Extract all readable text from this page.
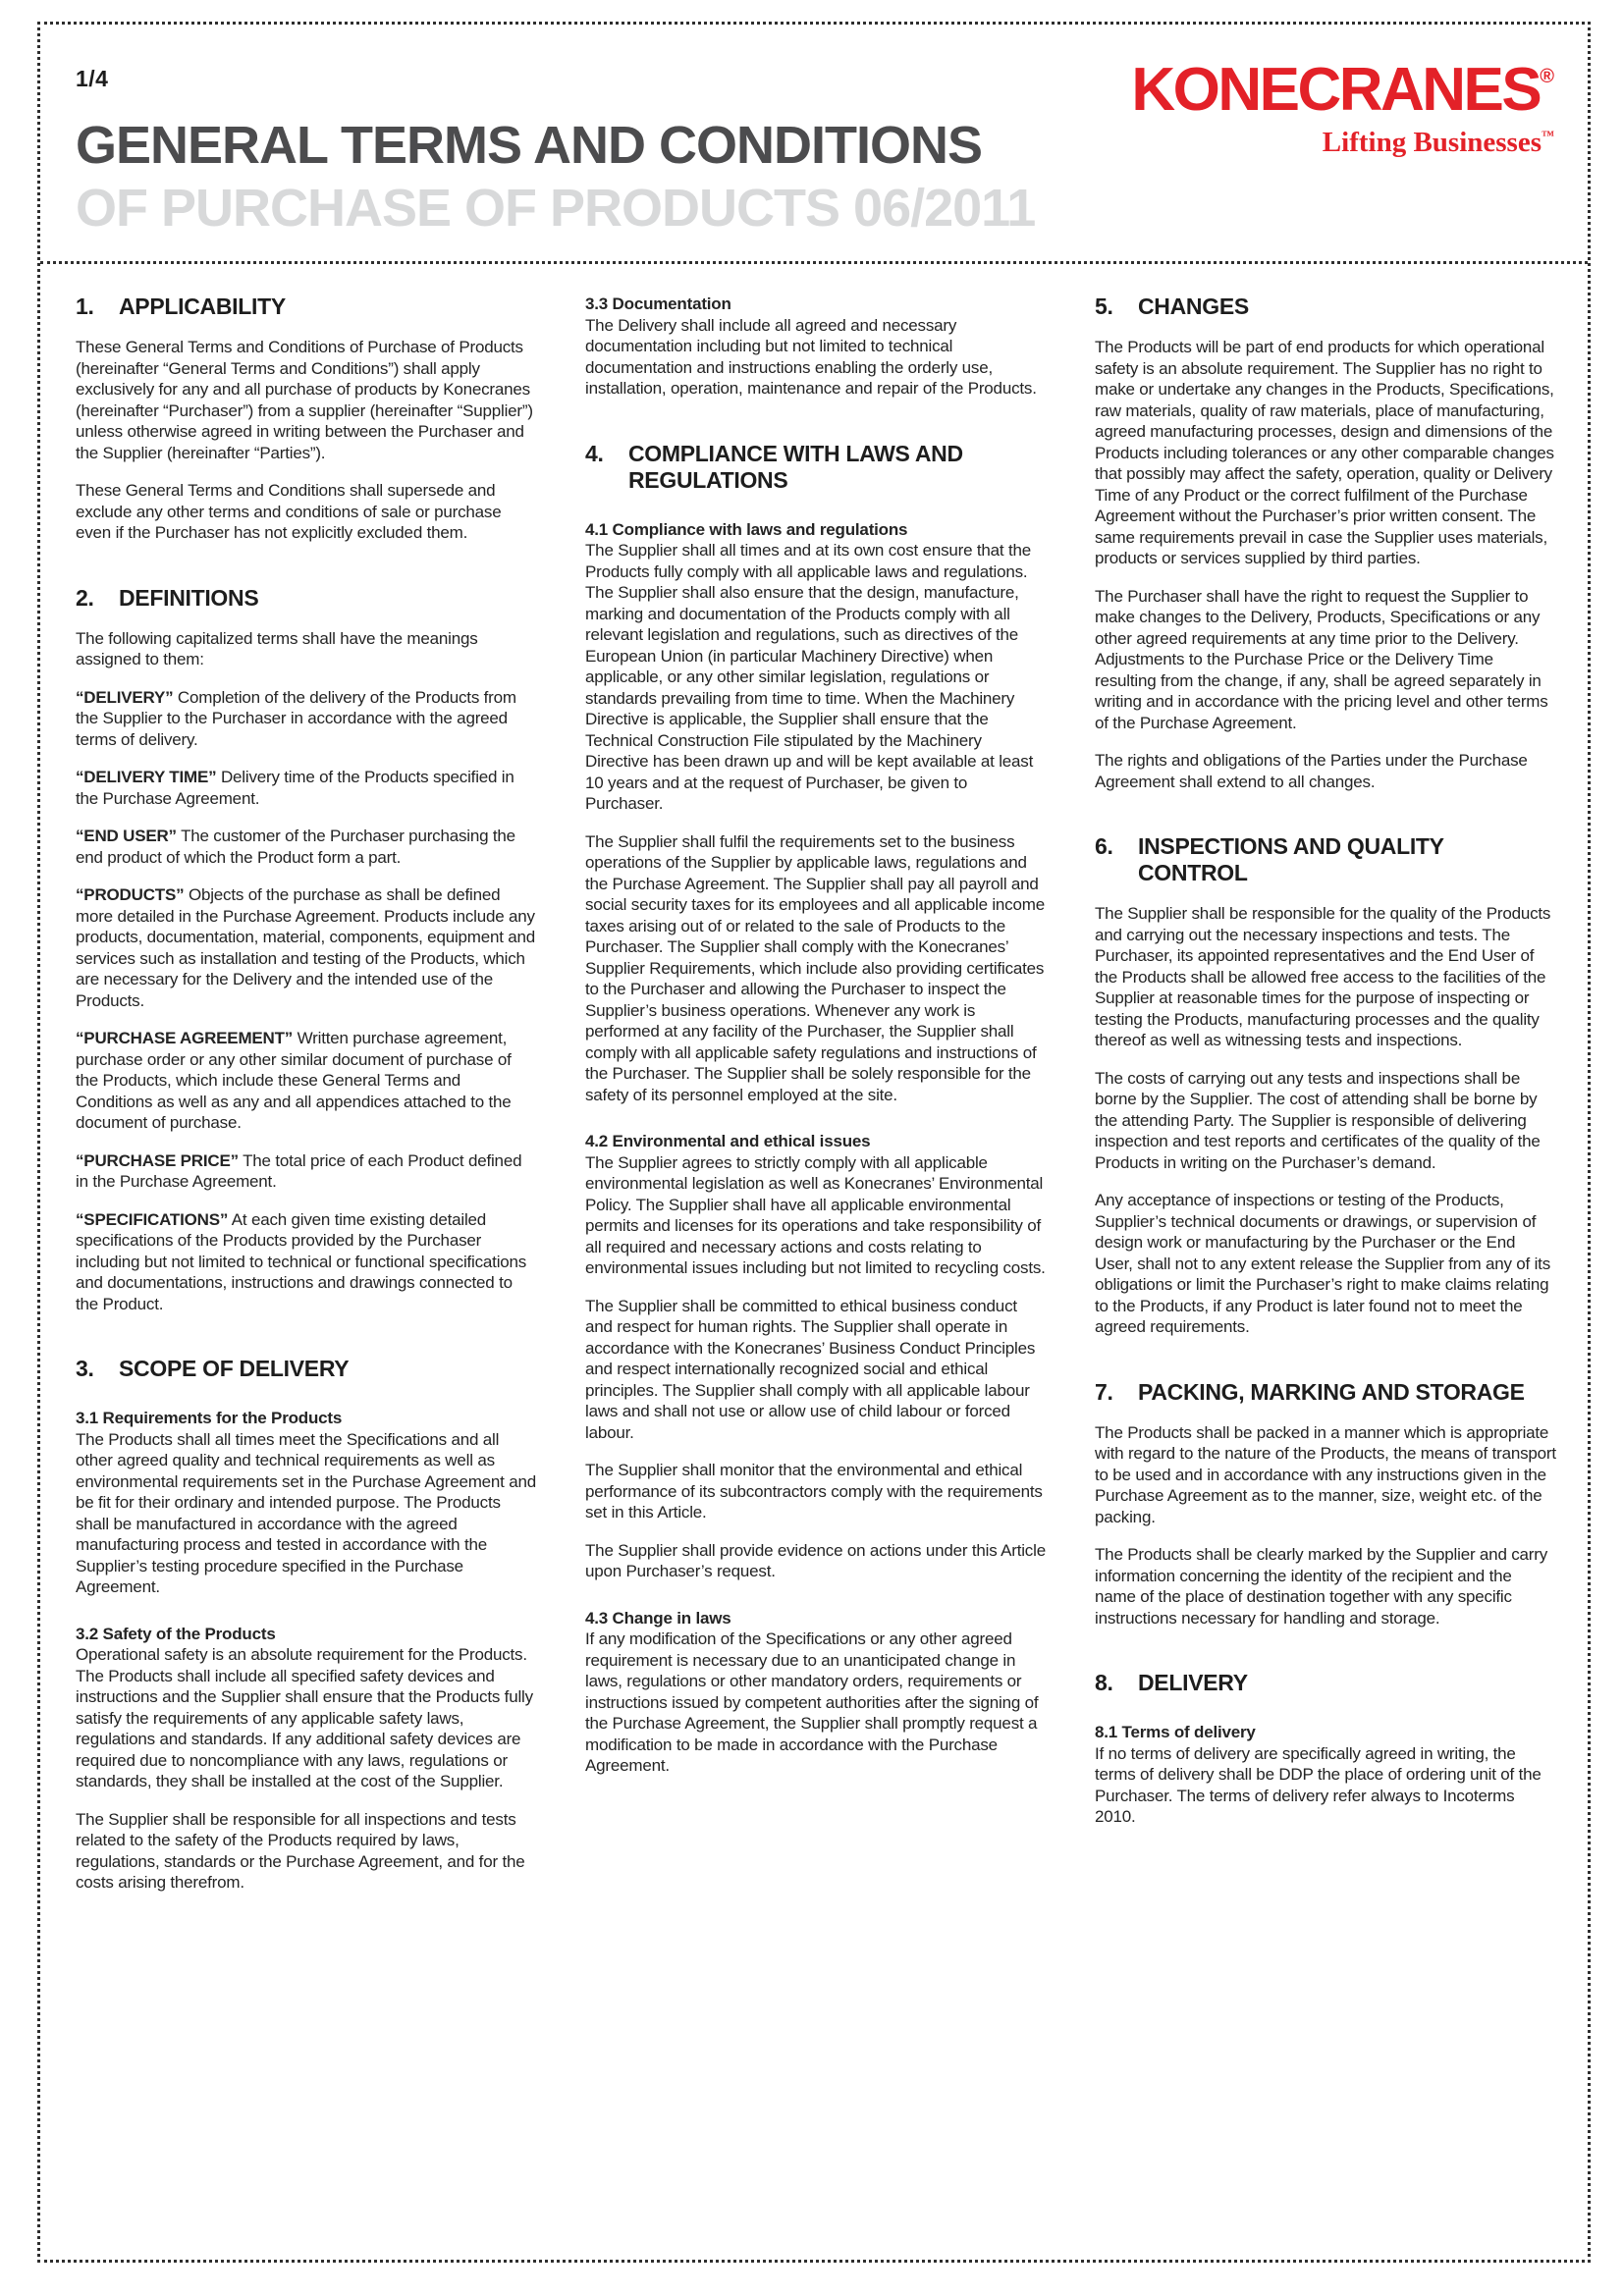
1/4	KONECRANES®
Lifting Businesses™
GENERAL TERMS AND CONDITIONS
OF PURCHASE OF PRODUCTS 06/2011
1.	APPLICABILITY

These General Terms and Conditions of Purchase of Products (hereinafter “General Terms and Conditions”) shall apply exclusively for any and all purchase of products by Konecranes (hereinafter “Purchaser”) from a supplier (hereinafter “Supplier”) unless otherwise agreed in writing between the Purchaser and the Supplier (hereinafter “Parties”).

These General Terms and Conditions shall supersede and exclude any other terms and conditions of sale or purchase even if the Purchaser has not explicitly excluded them.

2.	DEFINITIONS

The following capitalized terms shall have the meanings assigned to them:

“DELIVERY” Completion of the delivery of the Products from the Supplier to the Purchaser in accordance with the agreed terms of delivery.

“DELIVERY TIME” Delivery time of the Products specified in the Purchase Agreement.

“END USER” The customer of the Purchaser purchasing the end product of which the Product form a part.

“PRODUCTS” Objects of the purchase as shall be defined more detailed in the Purchase Agreement. Products include any products, documentation, material, components, equipment and services such as installation and testing of the Products, which are necessary for the Delivery and the intended use of the Products.

“PURCHASE AGREEMENT” Written purchase agreement, purchase order or any other similar document of purchase of the Products, which include these General Terms and Conditions as well as any and all appendices attached to the document of purchase.

“PURCHASE PRICE” The total price of each Product defined in the Purchase Agreement.

“SPECIFICATIONS” At each given time existing detailed specifications of the Products provided by the Purchaser including but not limited to technical or functional specifications and documentations, instructions and drawings connected to the Product.

3.	SCOPE OF DELIVERY
3.1 Requirements for the Products

The Products shall all times meet the Specifications and all other agreed quality and technical requirements as well as environmental requirements set in the Purchase Agreement and be fit for their ordinary and intended purpose. The Products shall be manufactured in accordance with the agreed manufacturing process and tested in accordance with the Supplier’s testing procedure specified in the Purchase Agreement.

3.2 Safety of the Products

Operational safety is an absolute requirement for the Products. The Products shall include all specified safety devices and instructions and the Supplier shall ensure that the Products fully satisfy the requirements of any applicable safety laws, regulations and standards. If any additional safety devices are required due to noncompliance with any laws, regulations or standards, they shall be installed at the cost of the Supplier.

The Supplier shall be responsible for all inspections and tests related to the safety of the Products required by laws, regulations, standards or the Purchase Agreement, and for the costs arising therefrom.

3.3 Documentation

The Delivery shall include all agreed and necessary documentation including but not limited to technical documentation and instructions enabling the orderly use, installation, operation, maintenance and repair of the Products.

4.	COMPLIANCE WITH LAWS AND REGULATIONS
4.1 Compliance with laws and regulations

The Supplier shall all times and at its own cost ensure that the Products fully comply with all applicable laws and regulations. The Supplier shall also ensure that the design, manufacture, marking and documentation of the Products comply with all relevant legislation and regulations, such as directives of the European Union (in particular Machinery Directive) when applicable, or any other similar legislation, regulations or standards prevailing from time to time. When the Machinery Directive is applicable, the Supplier shall ensure that the Technical Construction File stipulated by the Machinery Directive has been drawn up and will be kept available at least 10 years and at the request of Purchaser, be given to Purchaser.

The Supplier shall fulfil the requirements set to the business operations of the Supplier by applicable laws, regulations and the Purchase Agreement. The Supplier shall pay all payroll and social security taxes for its employees and all applicable income taxes arising out of or related to the sale of Products to the Purchaser. The Supplier shall comply with the Konecranes’ Supplier Requirements, which include also providing certificates to the Purchaser and allowing the Purchaser to inspect the Supplier’s business operations. Whenever any work is performed at any facility of the Purchaser, the Supplier shall comply with all applicable safety regulations and instructions of the Purchaser. The Supplier shall be solely responsible for the safety of its personnel employed at the site.

4.2 Environmental and ethical issues

The Supplier agrees to strictly comply with all applicable environmental legislation as well as Konecranes’ Environmental Policy. The Supplier shall have all applicable environmental permits and licenses for its operations and take responsibility of all required and necessary actions and costs relating to environmental issues including but not limited to recycling costs.

The Supplier shall be committed to ethical business conduct and respect for human rights. The Supplier shall operate in accordance with the Konecranes’ Business Conduct Principles and respect internationally recognized social and ethical principles. The Supplier shall comply with all applicable labour laws and shall not use or allow use of child labour or forced labour.

The Supplier shall monitor that the environmental and ethical performance of its subcontractors comply with the requirements set in this Article.

The Supplier shall provide evidence on actions under this Article upon Purchaser’s request.

4.3 Change in laws

If any modification of the Specifications or any other agreed requirement is necessary due to an unanticipated change in laws, regulations or other mandatory orders, requirements or instructions issued by competent authorities after the signing of the Purchase Agreement, the Supplier shall promptly request a modification to be made in accordance with the Purchase Agreement.

5.	CHANGES

The Products will be part of end products for which operational safety is an absolute requirement. The Supplier has no right to make or undertake any changes in the Products, Specifications, raw materials, quality of raw materials, place of manufacturing, agreed manufacturing processes, design and dimensions of the Products including tolerances or any other comparable changes that possibly may affect the safety, operation, quality or Delivery Time of any Product or the correct fulfilment of the Purchase Agreement without the Purchaser’s prior written consent. The same requirements prevail in case the Supplier uses materials, products or services supplied by third parties.

The Purchaser shall have the right to request the Supplier to make changes to the Delivery, Products, Specifications or any other agreed requirements at any time prior to the Delivery. Adjustments to the Purchase Price or the Delivery Time resulting from the change, if any, shall be agreed separately in writing and in accordance with the pricing level and other terms of the Purchase Agreement.

The rights and obligations of the Parties under the Purchase Agreement shall extend to all changes.

6.	INSPECTIONS AND QUALITY CONTROL

The Supplier shall be responsible for the quality of the Products and carrying out the necessary inspections and tests. The Purchaser, its appointed representatives and the End User of the Products shall be allowed free access to the facilities of the Supplier at reasonable times for the purpose of inspecting or testing the Products, manufacturing processes and the quality thereof as well as witnessing tests and inspections.

The costs of carrying out any tests and inspections shall be borne by the Supplier. The cost of attending shall be borne by the attending Party. The Supplier is responsible of delivering inspection and test reports and certificates of the quality of the Products in writing on the Purchaser’s demand.

Any acceptance of inspections or testing of the Products, Supplier’s technical documents or drawings, or supervision of design work or manufacturing by the Purchaser or the End User, shall not to any extent release the Supplier from any of its obligations or limit the Purchaser’s right to make claims relating to the Products, if any Product is later found not to meet the agreed requirements.

7.	PACKING, MARKING AND STORAGE

The Products shall be packed in a manner which is appropriate with regard to the nature of the Products, the means of transport to be used and in accordance with any instructions given in the Purchase Agreement as to the manner, size, weight etc. of the packing.

The Products shall be clearly marked by the Supplier and carry information concerning the identity of the recipient and the name of the place of destination together with any specific instructions necessary for handling and storage.

8.	DELIVERY
8.1 Terms of delivery

If no terms of delivery are specifically agreed in writing, the terms of delivery shall be DDP the place of ordering unit of the Purchaser. The terms of delivery refer always to Incoterms 2010.
